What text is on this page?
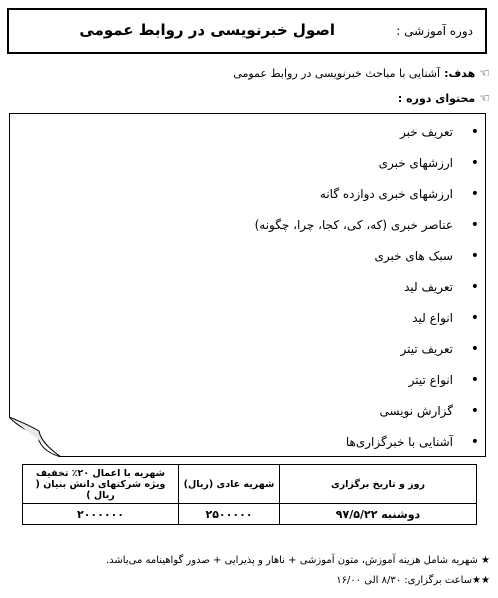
دوره آموزشی :
اصول خبرنویسی در روابط عمومی
☞
هدف:
آشنایی با مباحث خبرنویسی در روابط عمومی
☞
محتوای دوره :
•
تعریف خبر
•
ارزشهای خبری
•
ارزشهای خبری دوازده گانه
•
عناصر خبری (که، کی، کجا، چرا، چگونه)
•
سبک های خبری
•
تعریف لید
•
انواع لید
•
تعریف تیتر
•
انواع تیتر
•
گزارش نویسی
•
آشنایی با خبرگزاری‌ها
روز و تاریخ برگزاری	شهریه عادی (ریال)	شهریه با اعمال ۲۰٪ تخفیف ویژه شرکتهای دانش بنیان ( ریال )
دوشنبه ۹۷/۵/۲۲	۲۵۰۰۰۰۰	۲۰۰۰۰۰۰
★ شهریه شامل هزینه آموزش، متون آموزشی + ناهار و پذیرایی + صدور گواهینامه می‌باشد.
★★ساعت برگزاری: ۸/۳۰ الی ۱۶/۰۰
